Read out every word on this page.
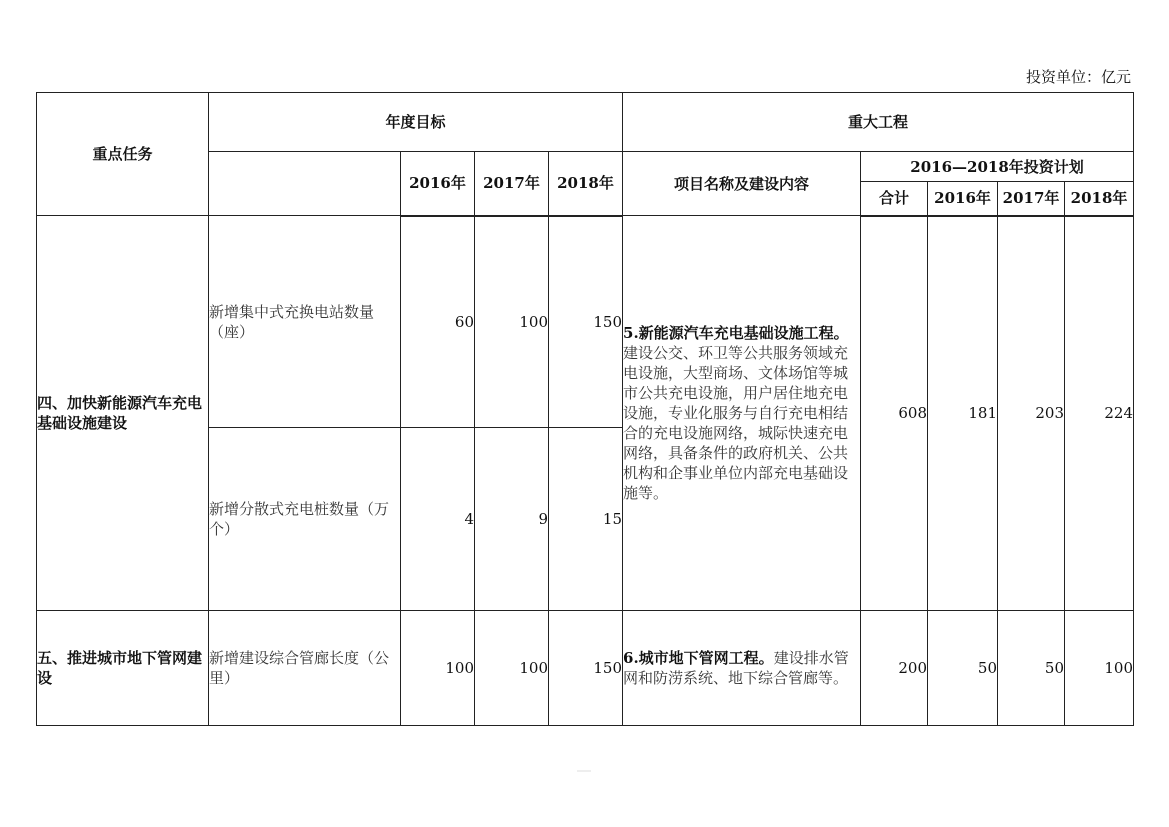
投资单位：亿元
重点任务	年度目标				重大工程				
		2016年	2017年	2018年	项目名称及建设内容	2016—2018年投资计划			
						合计	2016年	2017年	2018年
四、加快新能源汽车充电基础设施建设	新增集中式充换电站数量（座）	60	100	150	5.新能源汽车充电基础设施工程。建设公交、环卫等公共服务领域充电设施，大型商场、文体场馆等城市公共充电设施，用户居住地充电设施，专业化服务与自行充电相结合的充电设施网络，城际快速充电网络，具备条件的政府机关、公共机构和企事业单位内部充电基础设施等。	608	181	203	224
	新增分散式充电桩数量（万个）	4	9	15					
五、推进城市地下管网建设	新增建设综合管廊长度（公里）	100	100	150	6.城市地下管网工程。建设排水管网和防涝系统、地下综合管廊等。	200	50	50	100
